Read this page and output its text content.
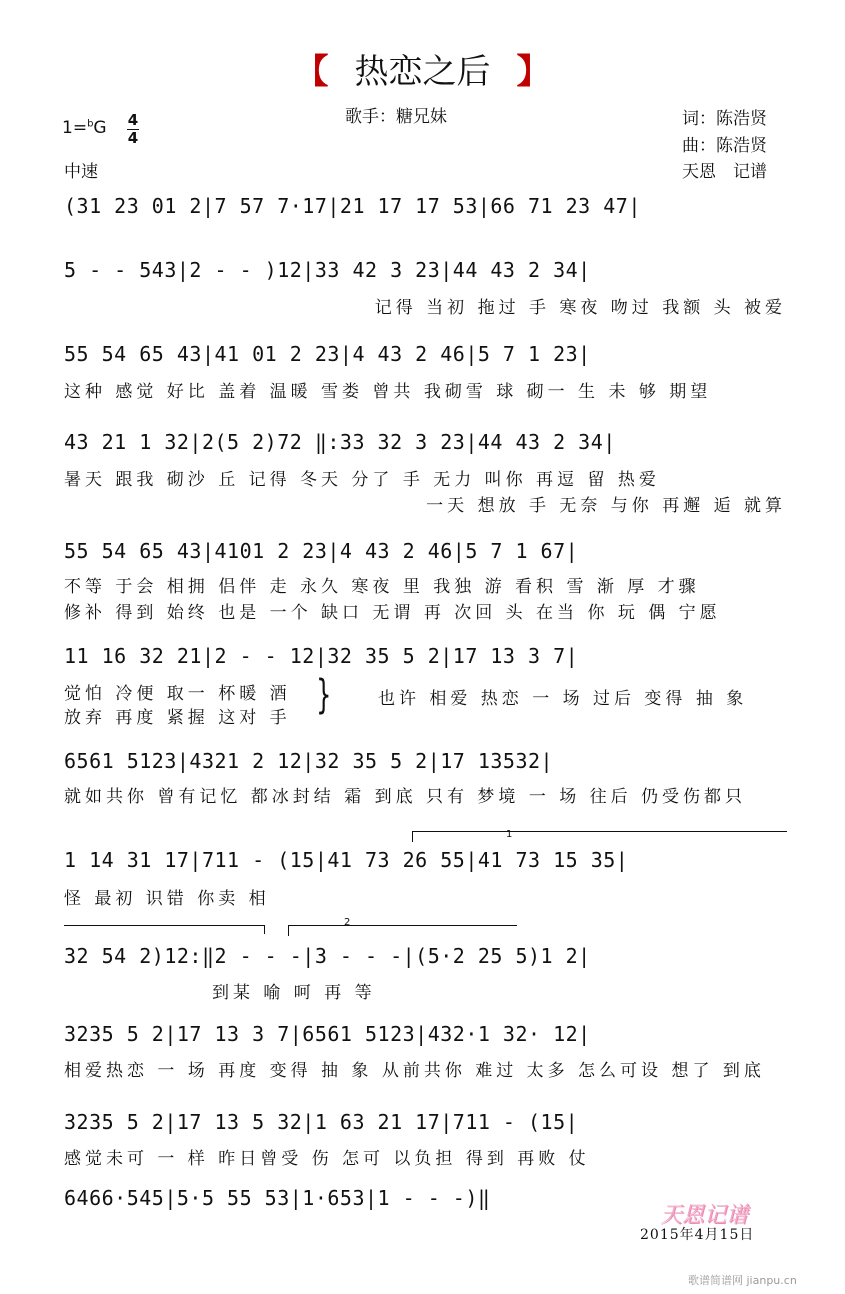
【 热恋之后 】
歌手：糖兄妹	词：陈浩贤
曲：陈浩贤
天恩　记谱
1=$^b$G 4
4
中速
(31 23 01 2|7 57 7·17|21 17 17 53|66 71 23 47|
5 - - 543|2 - - )12|33 42 3 23|44 43 2 34|
记得 当初 拖过 手 寒夜 吻过 我额 头 被爱
55 54 65 43|41 01 2 23|4 43 2 46|5 7 1 23|
这种 感觉 好比 盖着 温暖 雪娄 曾共 我砌雪 球 砌一 生 未 够 期望
43 21 1 32|2(5 2)72 ‖:33 32 3 23|44 43 2 34|
暑天 跟我 砌沙 丘 记得 冬天 分了 手 无力 叫你 再逗 留 热爱
一天 想放 手 无奈 与你 再邂 逅 就算
55 54 65 43|4101 2 23|4 43 2 46|5 7 1 67|
不等 于会 相拥 侣伴 走 永久 寒夜 里 我独 游 看积 雪 渐 厚 才骤
修补 得到 始终 也是 一个 缺口 无谓 再 次回 头 在当 你 玩 偶 宁愿
11 16 32 21|2 - - 12|32 35 5 2|17 13 3 7|
觉怕 冷便 取一 杯暖 酒
放弃 再度 紧握 这对 手 }	也许 相爱 热恋 一 场 过后 变得 抽 象
6561 5123|4321 2 12|32 35 5 2|17 13532|
就如共你 曾有记忆 都冰封结 霜 到底 只有 梦境 一 场 往后 仍受伤都只
1
1 14 31 17|711 - (15|41 73 26 55|41 73 15 35|
怪 最初 识错 你卖 相
2
32 54 2)12:‖2 - - -|3 - - -|(5·2 25 5)1 2|
到某 喻 呵 再 等
3235 5 2|17 13 3 7|6561 5123|432·1 32· 12|
相爱热恋 一 场 再度 变得 抽 象 从前共你 难过 太多 怎么可设 想了 到底
3235 5 2|17 13 5 32|1 63 21 17|711 - (15|
感觉未可 一 样 昨日曾受 伤 怎可 以负担 得到 再败 仗
6466·545|5·5 55 53|1·653|1 - - -)‖
天恩记谱
2015年4月15日
歌谱简谱网 jianpu.cn
